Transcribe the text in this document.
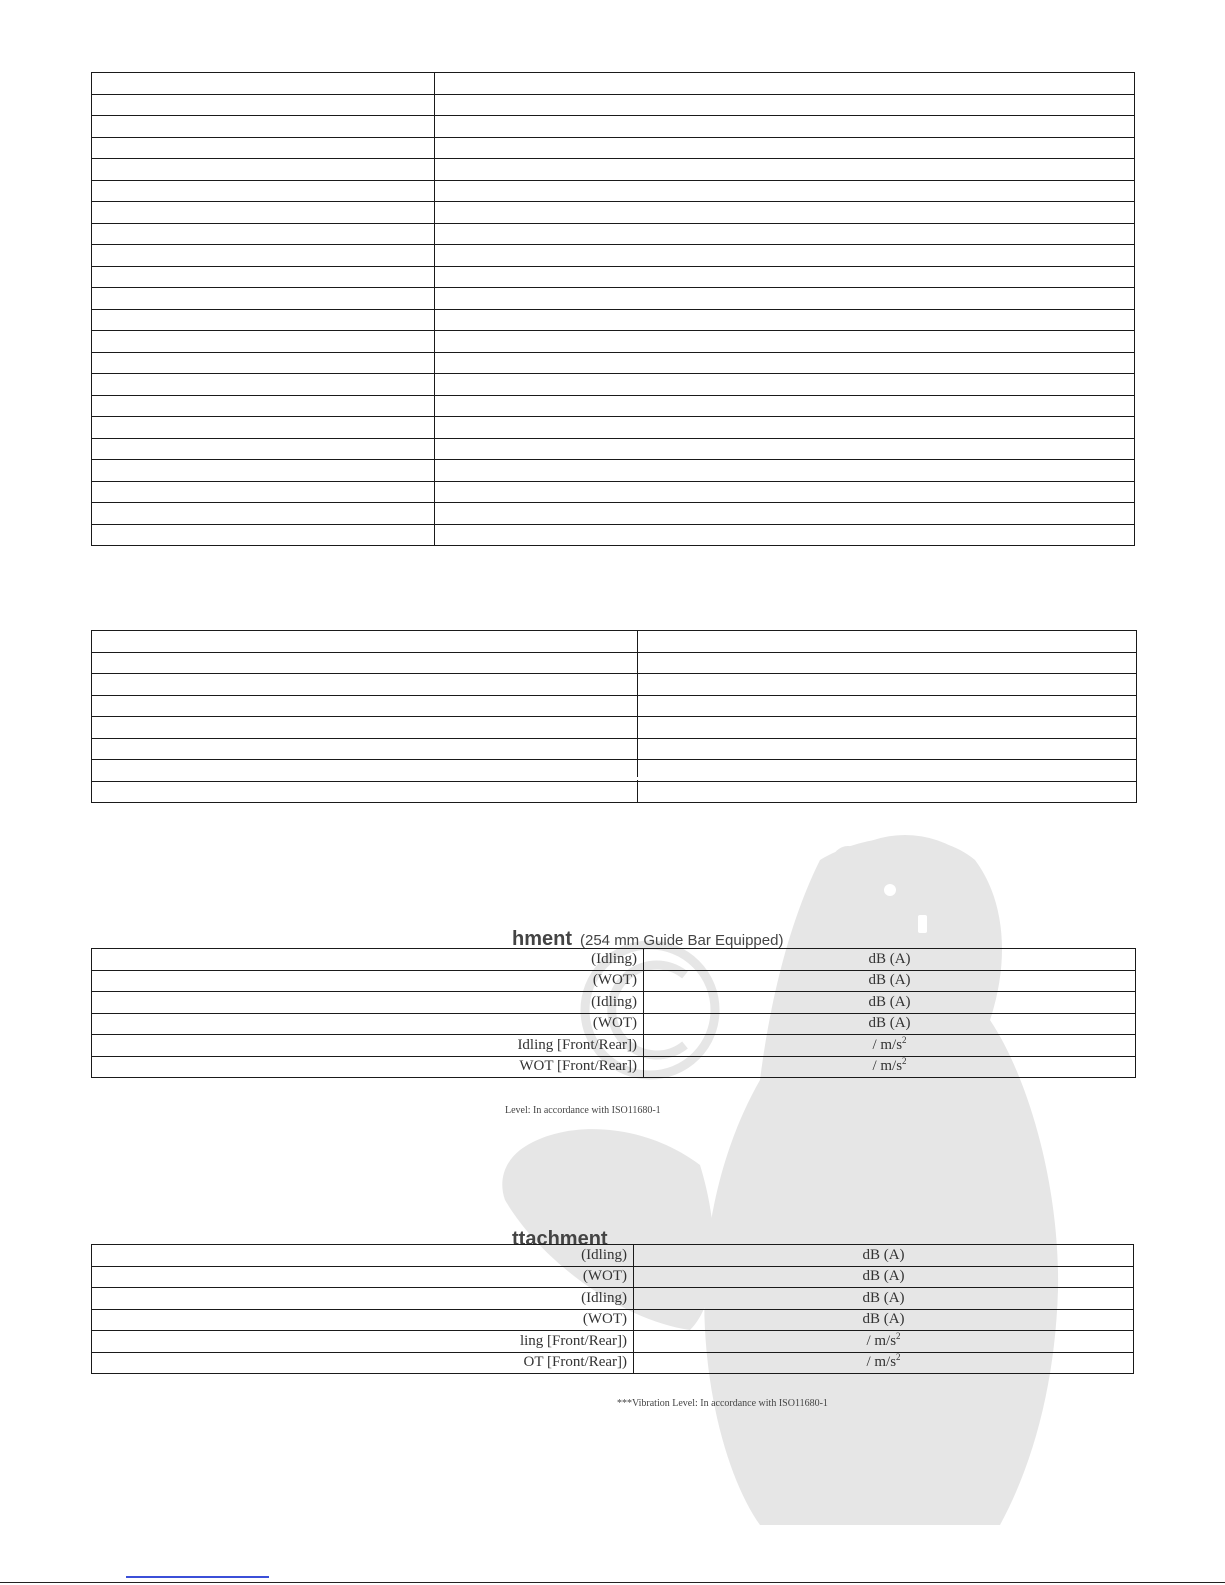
hment (254 mm Guide Bar Equipped)
(Idling)	dB (A)
(WOT)	dB (A)
(Idling)	dB (A)
(WOT)	dB (A)
Idling [Front/Rear])	/ $m/s^2$
WOT [Front/Rear])	/ $m/s^2$
Level: In accordance with ISO11680-1
ttachment
(Idling)	dB (A)
(WOT)	dB (A)
(Idling)	dB (A)
(WOT)	dB (A)
ling [Front/Rear])	/ $m/s^2$
OT [Front/Rear])	/ $m/s^2$
***Vibration Level: In accordance with ISO11680-1
